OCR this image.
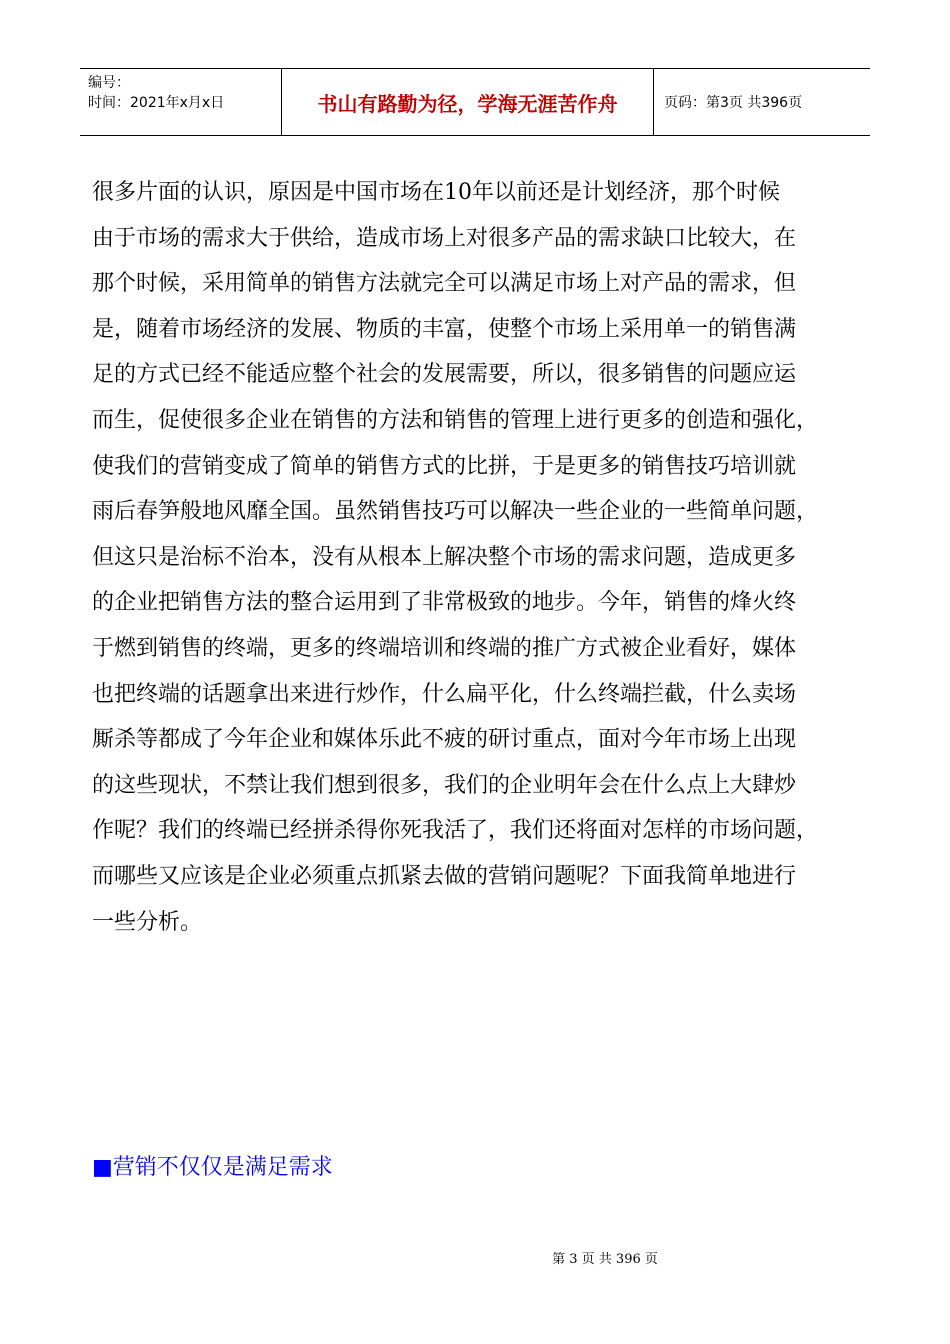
编号：
时间：2021年x月x日	书山有路勤为径，学海无涯苦作舟	页码：第3页 共396页
很多片面的认识，原因是中国市场在10年以前还是计划经济，那个时候
由于市场的需求大于供给，造成市场上对很多产品的需求缺口比较大，在
那个时候，采用简单的销售方法就完全可以满足市场上对产品的需求，但
是，随着市场经济的发展、物质的丰富，使整个市场上采用单一的销售满
足的方式已经不能适应整个社会的发展需要，所以，很多销售的问题应运
而生，促使很多企业在销售的方法和销售的管理上进行更多的创造和强化，
使我们的营销变成了简单的销售方式的比拼，于是更多的销售技巧培训就
雨后春笋般地风靡全国。虽然销售技巧可以解决一些企业的一些简单问题，
但这只是治标不治本，没有从根本上解决整个市场的需求问题，造成更多
的企业把销售方法的整合运用到了非常极致的地步。今年，销售的烽火终
于燃到销售的终端，更多的终端培训和终端的推广方式被企业看好，媒体
也把终端的话题拿出来进行炒作，什么扁平化，什么终端拦截，什么卖场
厮杀等都成了今年企业和媒体乐此不疲的研讨重点，面对今年市场上出现
的这些现状，不禁让我们想到很多，我们的企业明年会在什么点上大肆炒
作呢？我们的终端已经拼杀得你死我活了，我们还将面对怎样的市场问题，
而哪些又应该是企业必须重点抓紧去做的营销问题呢？下面我简单地进行
一些分析。
■营销不仅仅是满足需求
第 3 页 共 396 页
